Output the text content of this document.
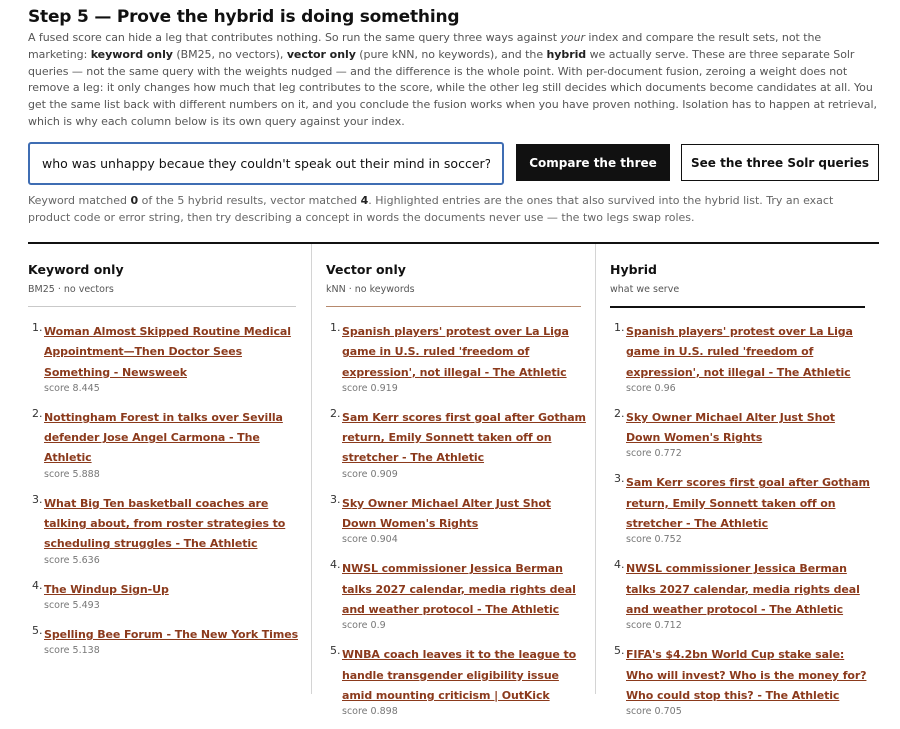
Step 5 — Prove the hybrid is doing something

A fused score can hide a leg that contributes nothing. So run the same query three ways against your index and compare the result sets, not the marketing: keyword only (BM25, no vectors), vector only (pure kNN, no keywords), and the hybrid we actually serve. These are three separate Solr queries — not the same query with the weights nudged — and the difference is the whole point. With per-document fusion, zeroing a weight does not remove a leg: it only changes how much that leg contributes to the score, while the other leg still decides which documents become candidates at all. You get the same list back with different numbers on it, and you conclude the fusion works when you have proven nothing. Isolation has to happen at retrieval, which is why each column below is its own query against your index.

who was unhappy becaue they couldn't speak out their mind in soccer?
Compare the three	See the three Solr queries

Keyword matched 0 of the 5 hybrid results, vector matched 4. Highlighted entries are the ones that also survived into the hybrid list. Try an exact product code or error string, then try describing a concept in words the documents never use — the two legs swap roles.

Keyword only
BM25 · no vectors
1. Woman Almost Skipped Routine Medical Appointment—Then Doctor Sees Something - Newsweek
score 8.445
2. Nottingham Forest in talks over Sevilla defender Jose Angel Carmona - The Athletic
score 5.888
3. What Big Ten basketball coaches are talking about, from roster strategies to scheduling struggles - The Athletic
score 5.636
4. The Windup Sign-Up
score 5.493
5. Spelling Bee Forum - The New York Times
score 5.138
Vector only
kNN · no keywords
1. Spanish players' protest over La Liga game in U.S. ruled 'freedom of expression', not illegal - The Athletic
score 0.919
2. Sam Kerr scores first goal after Gotham return, Emily Sonnett taken off on stretcher - The Athletic
score 0.909
3. Sky Owner Michael Alter Just Shot Down Women's Rights
score 0.904
4. NWSL commissioner Jessica Berman talks 2027 calendar, media rights deal and weather protocol - The Athletic
score 0.9
5. WNBA coach leaves it to the league to handle transgender eligibility issue amid mounting criticism | OutKick
score 0.898
Hybrid
what we serve
1. Spanish players' protest over La Liga game in U.S. ruled 'freedom of expression', not illegal - The Athletic
score 0.96
2. Sky Owner Michael Alter Just Shot Down Women's Rights
score 0.772
3. Sam Kerr scores first goal after Gotham return, Emily Sonnett taken off on stretcher - The Athletic
score 0.752
4. NWSL commissioner Jessica Berman talks 2027 calendar, media rights deal and weather protocol - The Athletic
score 0.712
5. FIFA's $4.2bn World Cup stake sale: Who will invest? Who is the money for? Who could stop this? - The Athletic
score 0.705
